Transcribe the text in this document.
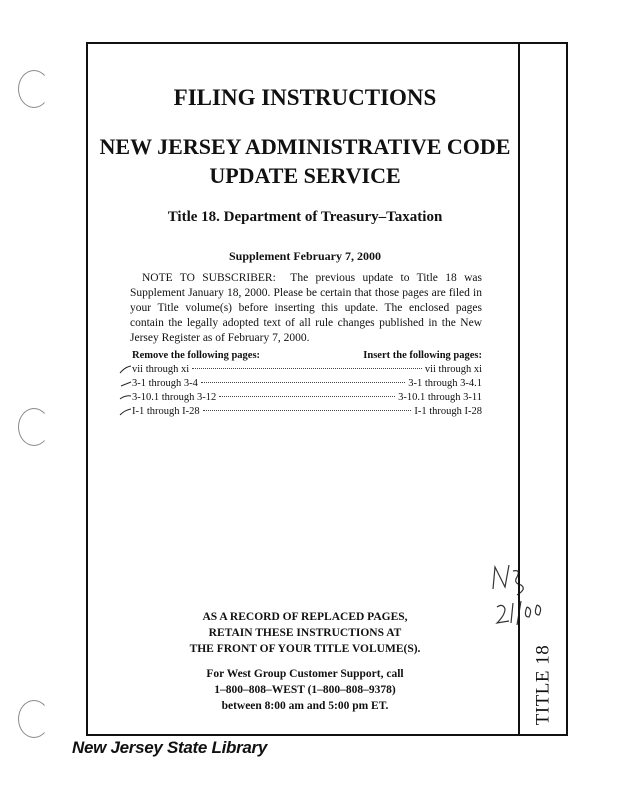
FILING INSTRUCTIONS
NEW JERSEY ADMINISTRATIVE CODE
UPDATE SERVICE

Title 18. Department of Treasury–Taxation

Supplement February 7, 2000

NOTE TO SUBSCRIBER: The previous update to Title 18 was Supplement January 18, 2000. Please be certain that those pages are filed in your Title volume(s) before inserting this update. The enclosed pages contain the legally adopted text of all rule changes published in the New Jersey Register as of February 7, 2000.

Remove the following pages:	Insert the following pages:
vii through xi	vii through xi
3-1 through 3-4	3-1 through 3-4.1
3-10.1 through 3-12	3-10.1 through 3-11
I-1 through I-28	I-1 through I-28

AS A RECORD OF REPLACED PAGES,
RETAIN THESE INSTRUCTIONS AT
THE FRONT OF YOUR TITLE VOLUME(S).

For West Group Customer Support, call
1–800–808–WEST (1–800–808–9378)
between 8:00 am and 5:00 pm ET.	TITLE 18

New Jersey State Library
